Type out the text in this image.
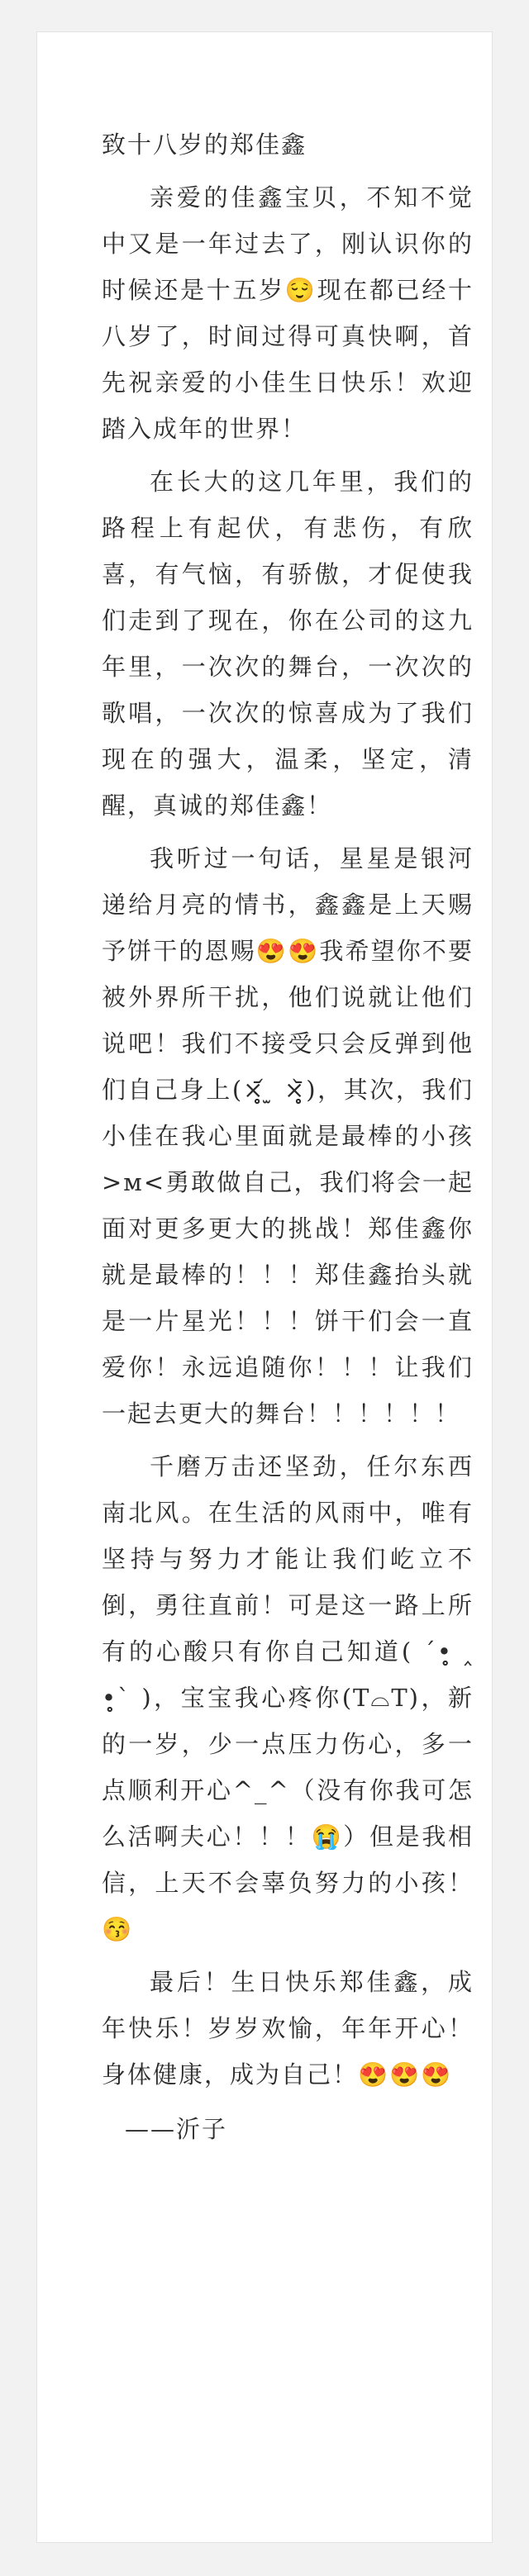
致十八岁的郑佳鑫

亲爱的佳鑫宝贝，不知不觉中又是一年过去了，刚认识你的时候还是十五岁😌现在都已经十八岁了，时间过得可真快啊，首先祝亲爱的小佳生日快乐！欢迎踏入成年的世界！

在长大的这几年里，我们的路程上有起伏，有悲伤，有欣喜，有气恼，有骄傲，才促使我们走到了现在，你在公司的这九年里，一次次的舞台，一次次的歌唱，一次次的惊喜成为了我们现在的强大，温柔，坚定，清醒，真诚的郑佳鑫！

我听过一句话，星星是银河递给月亮的情书，鑫鑫是上天赐予饼干的恩赐😍😍我希望你不要被外界所干扰，他们说就让他们说吧！我们不接受只会反弹到他们自己身上(×̥̥̥᷄ ̫ ×̥̥̥᷅)，其次，我们小佳在我心里面就是最棒的小孩>ᴍ<勇敢做自己，我们将会一起面对更多更大的挑战！郑佳鑫你就是最棒的！！！郑佳鑫抬头就是一片星光！！！饼干们会一直爱你！永远追随你！！！让我们一起去更大的舞台！！！！！！

千磨万击还坚劲，任尔东西南北风。在生活的风雨中，唯有坚持与努力才能让我们屹立不倒，勇往直前！可是这一路上所有的心酸只有你自己知道( ´•̥̥̥ ‸ •̥̥̥` )，宝宝我心疼你(T⌓T)，新的一岁，少一点压力伤心，多一点顺利开心^_^（没有你我可怎么活啊夫心！！！😭）但是我相信，上天不会辜负努力的小孩！😚

最后！生日快乐郑佳鑫，成年快乐！岁岁欢愉，年年开心！身体健康，成为自己！😍😍😍

——沂子
